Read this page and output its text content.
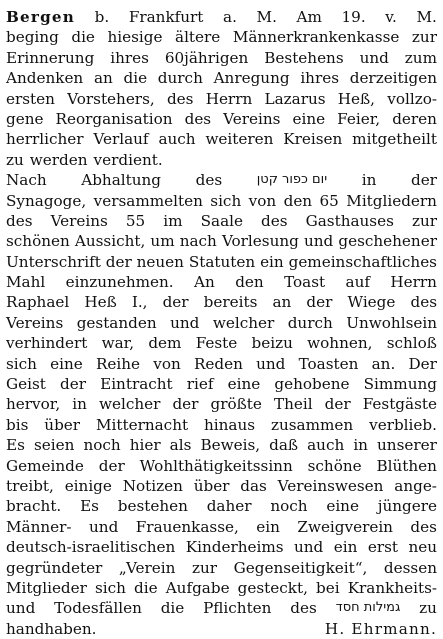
Bergen b. Frankfurt a. M. Am 19. v. M.
beging die hiesige ältere Männerkrankenkasse zur
Erinnerung ihres 60jährigen Bestehens und zum
Andenken an die durch Anregung ihres derzeitigen
ersten Vorstehers, des Herrn Lazarus Heß, vollzo-
gene Reorganisation des Vereins eine Feier, deren
herrlicher Verlauf auch weiteren Kreisen mitgetheilt
zu werden verdient.
Nach Abhaltung des	יום כפור קטן in der
Synagoge, versammelten sich von den 65 Mitgliedern
des Vereins 55 im Saale des Gasthauses zur
schönen Aussicht, um nach Vorlesung und geschehener
Unterschrift der neuen Statuten ein gemeinschaftliches
Mahl einzunehmen. An den Toast auf Herrn
Raphael Heß I., der bereits an der Wiege des
Vereins gestanden und welcher durch Unwohlsein
verhindert war, dem Feste beizu wohnen, schloß
sich eine Reihe von Reden und Toasten an. Der
Geist der Eintracht rief eine gehobene Simmung
hervor, in welcher der größte Theil der Festgäste
bis über Mitternacht hinaus zusammen verblieb.
Es seien noch hier als Beweis, daß auch in unserer
Gemeinde der Wohlthätigkeitssinn schöne Blüthen
treibt, einige Notizen über das Vereinswesen ange-
bracht. Es bestehen daher noch eine jüngere
Männer- und Frauenkasse, ein Zweigverein des
deutsch-israelitischen Kinderheims und ein erst neu
gegründeter „Verein zur Gegenseitigkeit“, dessen
Mitglieder sich die Aufgabe gesteckt, bei Krankheits-
und Todesfällen die Pflichten des גמילות חסד zu
handhaben.	H. Ehrmann.
